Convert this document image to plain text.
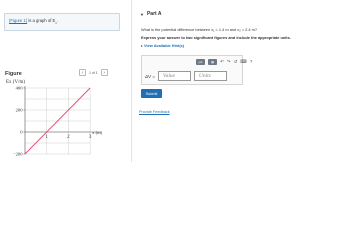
(Figure 1) is a graph of $E_x$.
Figure	‹	1 of 1	›
1	2	3
400
200
0
−200
Ex (V/m)
x (m)
▼ Part A
What is the potential difference between x₁ = 1.4 m and x₂ = 2.4 m?
Express your answer to two significant figures and include the appropriate units.
▸ View Available Hint(s)
μA	▦	↶ ↷ ↺ ⌨ ?
ΔV =	Value	Units
Submit
Provide Feedback
